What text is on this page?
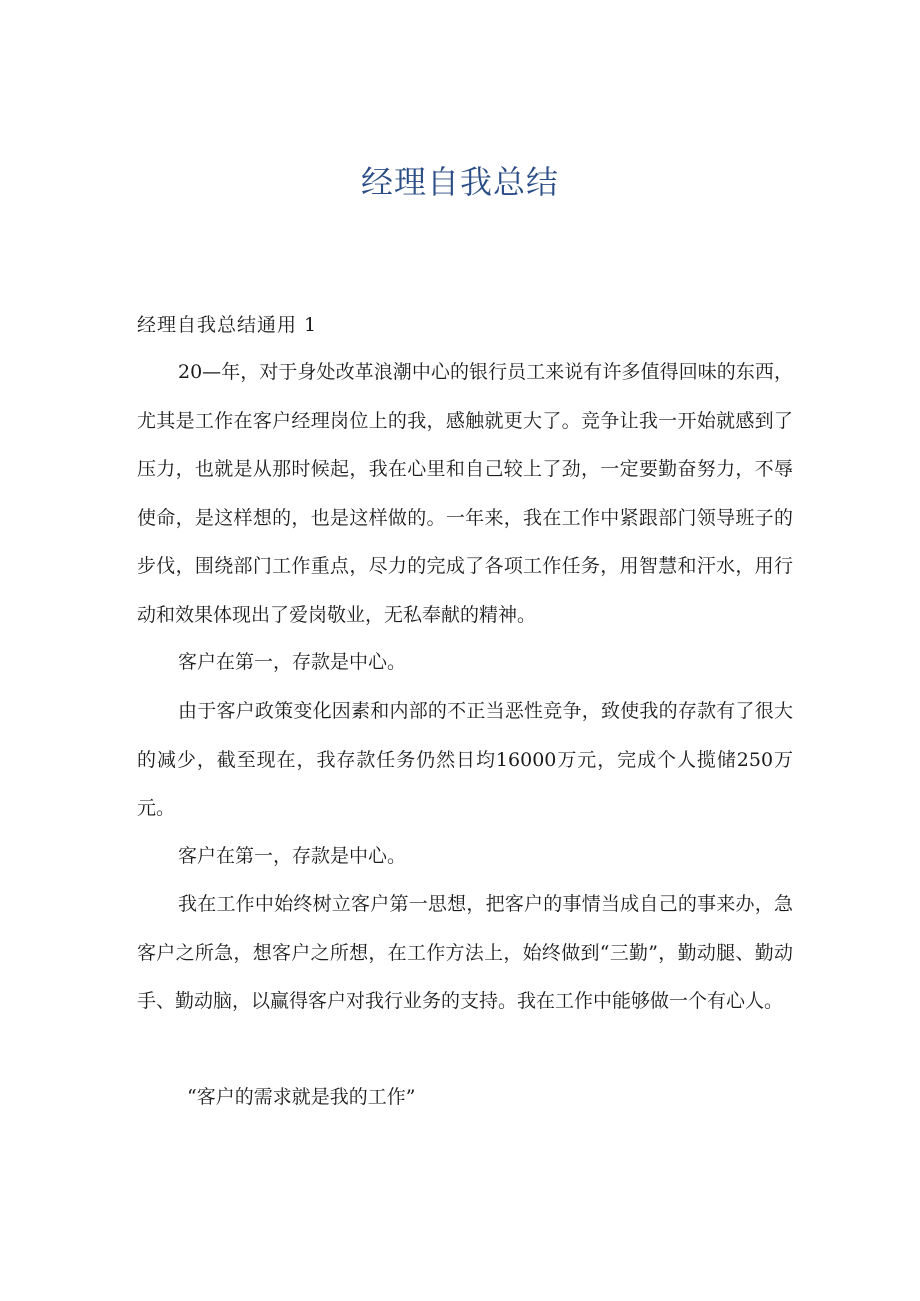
经理自我总结
经理自我总结通用 1
20—年，对于身处改革浪潮中心的银行员工来说有许多值得回味的东西，尤其是工作在客户经理岗位上的我，感触就更大了。竞争让我一开始就感到了压力，也就是从那时候起，我在心里和自己较上了劲，一定要勤奋努力，不辱使命，是这样想的，也是这样做的。一年来，我在工作中紧跟部门领导班子的步伐，围绕部门工作重点，尽力的完成了各项工作任务，用智慧和汗水，用行动和效果体现出了爱岗敬业，无私奉献的精神。
客户在第一，存款是中心。
由于客户政策变化因素和内部的不正当恶性竞争，致使我的存款有了很大的减少，截至现在，我存款任务仍然日均16000万元，完成个人揽储250万元。
客户在第一，存款是中心。
我在工作中始终树立客户第一思想，把客户的事情当成自己的事来办，急客户之所急，想客户之所想，在工作方法上，始终做到“三勤”，勤动腿、勤动手、勤动脑，以赢得客户对我行业务的支持。我在工作中能够做一个有心人。
“客户的需求就是我的工作”
